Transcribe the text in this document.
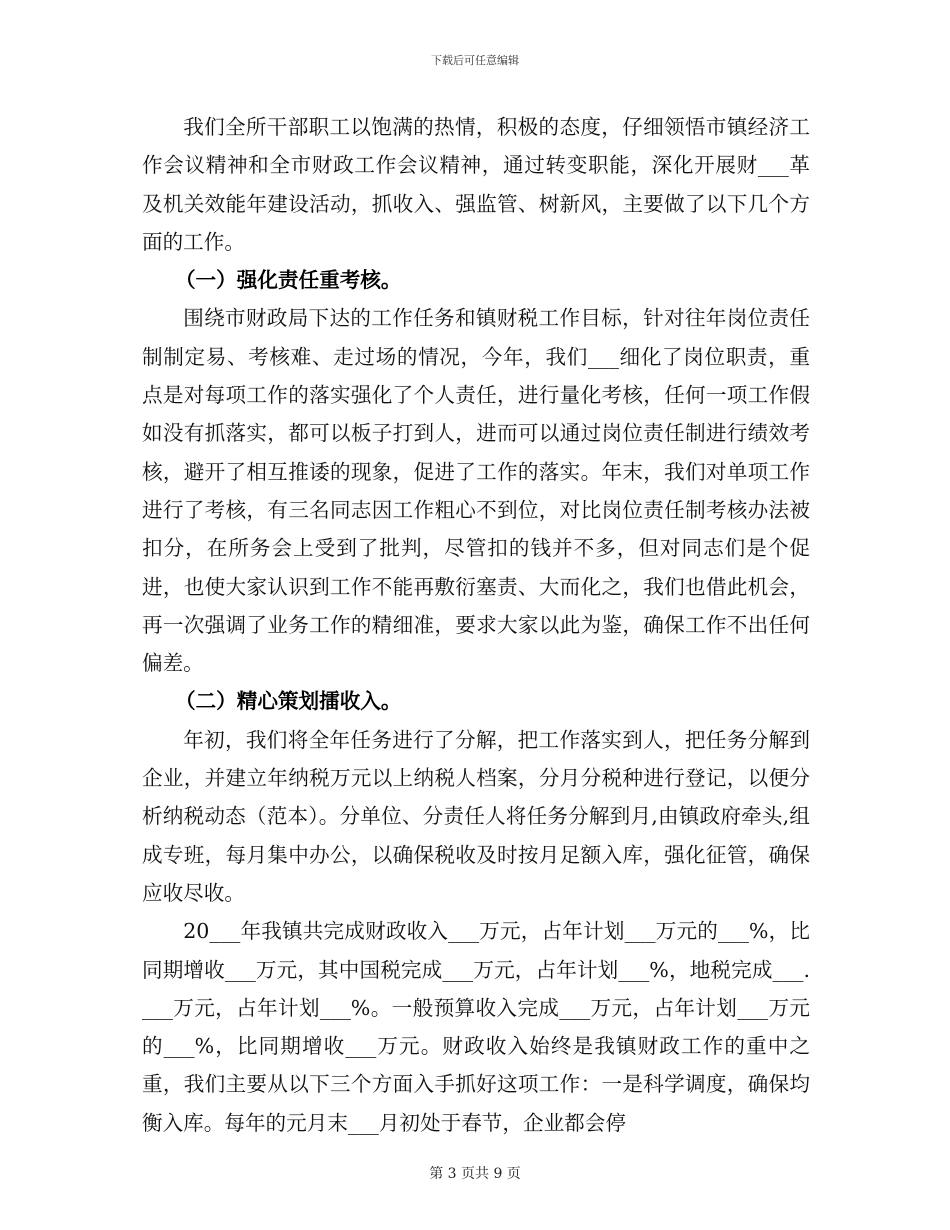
下载后可任意编辑

我们全所干部职工以饱满的热情，积极的态度，仔细领悟市镇经济工作会议精神和全市财政工作会议精神，通过转变职能，深化开展财___革及机关效能年建设活动，抓收入、强监管、树新风，主要做了以下几个方面的工作。

（一）强化责任重考核。

围绕市财政局下达的工作任务和镇财税工作目标，针对往年岗位责任制制定易、考核难、走过场的情况，今年，我们___细化了岗位职责，重点是对每项工作的落实强化了个人责任，进行量化考核，任何一项工作假如没有抓落实，都可以板子打到人，进而可以通过岗位责任制进行绩效考核，避开了相互推诿的现象，促进了工作的落实。年末，我们对单项工作进行了考核，有三名同志因工作粗心不到位，对比岗位责任制考核办法被扣分，在所务会上受到了批判，尽管扣的钱并不多，但对同志们是个促进，也使大家认识到工作不能再敷衍塞责、大而化之，我们也借此机会，再一次强调了业务工作的精细准，要求大家以此为鉴，确保工作不出任何偏差。

（二）精心策划擂收入。

年初，我们将全年任务进行了分解，把工作落实到人，把任务分解到企业，并建立年纳税万元以上纳税人档案，分月分税种进行登记，以便分析纳税动态（范本）。分单位、分责任人将任务分解到月,由镇政府牵头,组成专班，每月集中办公，以确保税收及时按月足额入库，强化征管，确保应收尽收。

20___年我镇共完成财政收入___万元，占年计划___万元的___%，比同期增收___万元，其中国税完成___万元，占年计划___%，地税完成___.___万元，占年计划___%。一般预算收入完成___万元，占年计划___万元的___%，比同期增收___万元。财政收入始终是我镇财政工作的重中之重，我们主要从以下三个方面入手抓好这项工作：一是科学调度，确保均衡入库。每年的元月末___月初处于春节，企业都会停

第 3 页共 9 页
